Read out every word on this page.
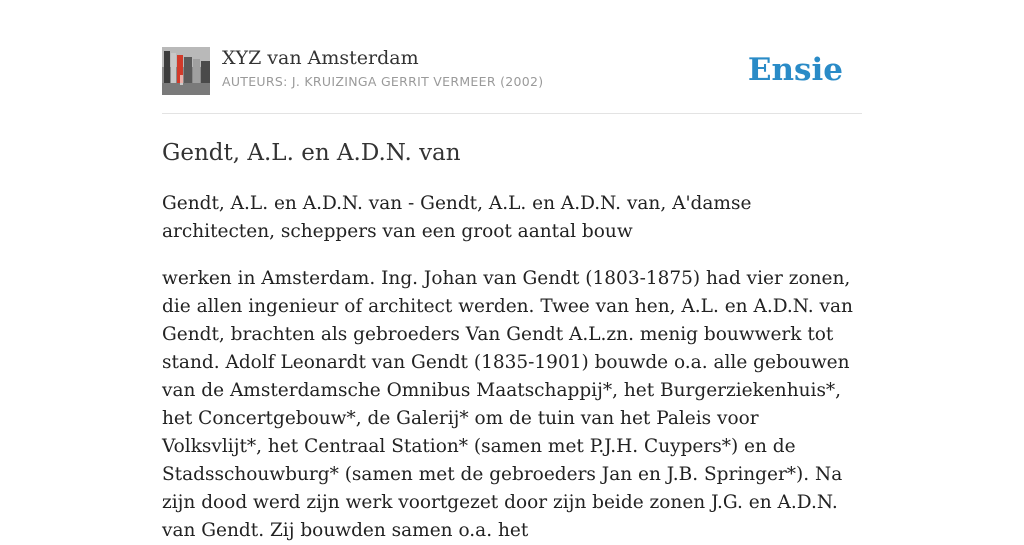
XYZ van Amsterdam
AUTEURS: J. KRUIZINGA GERRIT VERMEER (2002)	Ensie
Gendt, A.L. en A.D.N. van

Gendt, A.L. en A.D.N. van - Gendt, A.L. en A.D.N. van, A'damse architecten, scheppers van een groot aantal bouw

werken in Amsterdam. Ing. Johan van Gendt (1803-1875) had vier zonen, die allen ingenieur of architect werden. Twee van hen, A.L. en A.D.N. van Gendt, brachten als gebroeders Van Gendt A.L.zn. menig bouwwerk tot stand. Adolf Leonardt van Gendt (1835-1901) bouwde o.a. alle gebouwen van de Amsterdamsche Omnibus Maatschappij*, het Burgerziekenhuis*, het Concertgebouw*, de Galerij* om de tuin van het Paleis voor Volksvlijt*, het Centraal Station* (samen met P.J.H. Cuypers*) en de Stadsschouwburg* (samen met de gebroeders Jan en J.B. Springer*). Na zijn dood werd zijn werk voortgezet door zijn beide zonen J.G. en A.D.N. van Gendt. Zij bouwden samen o.a. het
